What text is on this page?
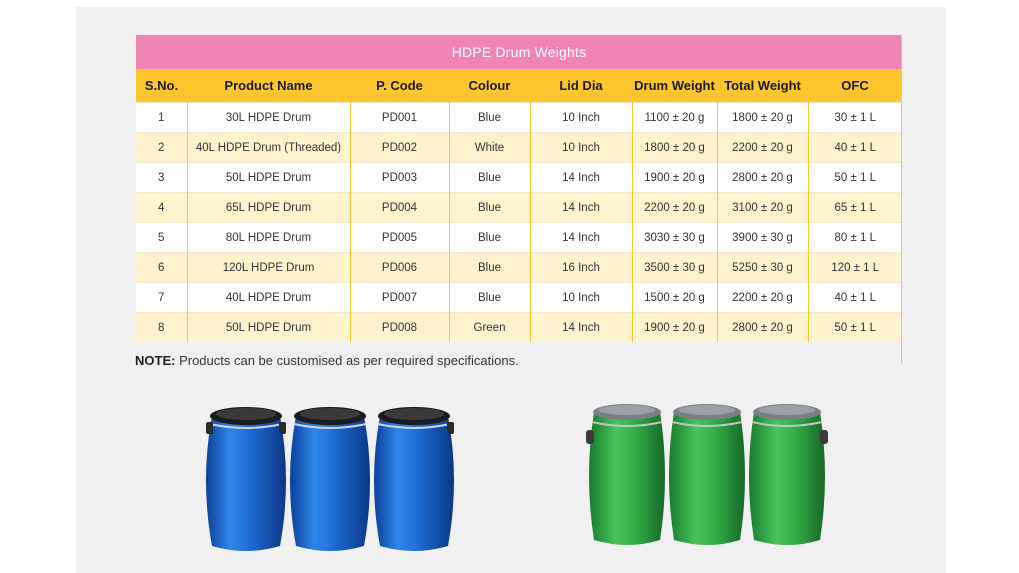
HDPE Drum Weights
S.No.	Product Name	P. Code	Colour	Lid Dia	Drum Weight	Total Weight	OFC
1	30L HDPE Drum	PD001	Blue	10 Inch	1100 ± 20 g	1800 ± 20 g	30 ± 1 L
2	40L HDPE Drum (Threaded)	PD002	White	10 Inch	1800 ± 20 g	2200 ± 20 g	40 ± 1 L
3	50L HDPE Drum	PD003	Blue	14 Inch	1900 ± 20 g	2800 ± 20 g	50 ± 1 L
4	65L HDPE Drum	PD004	Blue	14 Inch	2200 ± 20 g	3100 ± 20 g	65 ± 1 L
5	80L HDPE Drum	PD005	Blue	14 Inch	3030 ± 30 g	3900 ± 30 g	80 ± 1 L
6	120L HDPE Drum	PD006	Blue	16 Inch	3500 ± 30 g	5250 ± 30 g	120 ± 1 L
7	40L HDPE Drum	PD007	Blue	10 Inch	1500 ± 20 g	2200 ± 20 g	40 ± 1 L
8	50L HDPE Drum	PD008	Green	14 Inch	1900 ± 20 g	2800 ± 20 g	50 ± 1 L
NOTE: Products can be customised as per required specifications.
